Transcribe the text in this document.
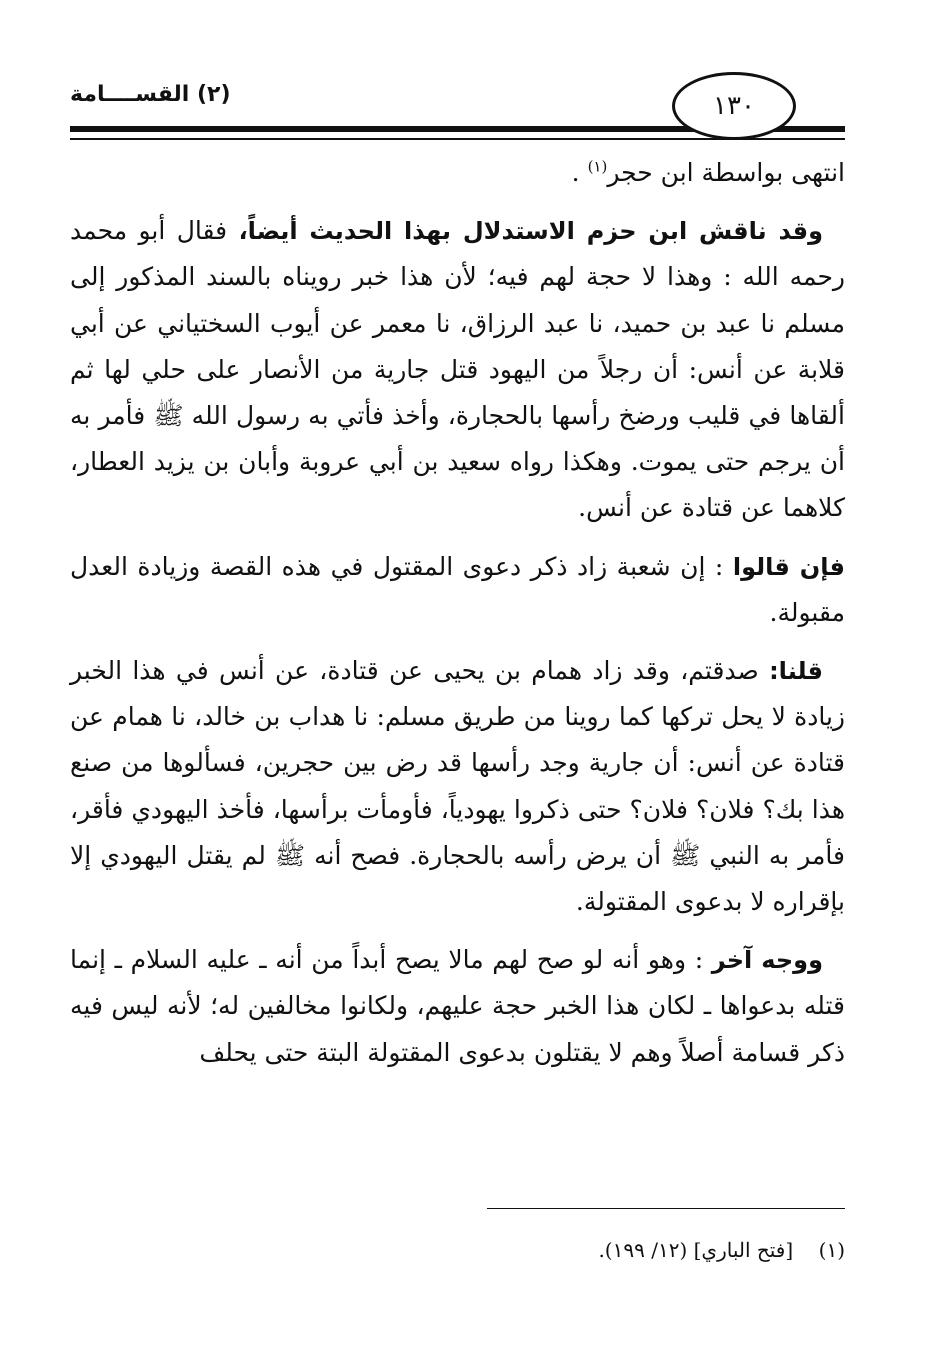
١٣٠
(٢) القســــامة

انتهى بواسطة ابن حجر$^{(١)}$ .

وقد ناقش ابن حزم الاستدلال بهذا الحديث أيضاً، فقال أبو محمد رحمه الله : وهذا لا حجة لهم فيه؛ لأن هذا خبر رويناه بالسند المذكور إلى مسلم نا عبد بن حميد، نا عبد الرزاق، نا معمر عن أيوب السختياني عن أبي قلابة عن أنس: أن رجلاً من اليهود قتل جارية من الأنصار على حلي لها ثم ألقاها في قليب ورضخ رأسها بالحجارة، وأخذ فأتي به رسول الله ﷺ فأمر به أن يرجم حتى يموت. وهكذا رواه سعيد بن أبي عروبة وأبان بن يزيد العطار، كلاهما عن قتادة عن أنس.

فإن قالوا : إن شعبة زاد ذكر دعوى المقتول في هذه القصة وزيادة العدل مقبولة.

قلنا: صدقتم، وقد زاد همام بن يحيى عن قتادة، عن أنس في هذا الخبر زيادة لا يحل تركها كما روينا من طريق مسلم: نا هداب بن خالد، نا همام عن قتادة عن أنس: أن جارية وجد رأسها قد رض بين حجرين، فسألوها من صنع هذا بك؟ فلان؟ فلان؟ حتى ذكروا يهودياً، فأومأت برأسها، فأخذ اليهودي فأقر، فأمر به النبي ﷺ أن يرض رأسه بالحجارة. فصح أنه ﷺ لم يقتل اليهودي إلا بإقراره لا بدعوى المقتولة.

ووجه آخر : وهو أنه لو صح لهم مالا يصح أبداً من أنه ـ عليه السلام ـ إنما قتله بدعواها ـ لكان هذا الخبر حجة عليهم، ولكانوا مخالفين له؛ لأنه ليس فيه ذكر قسامة أصلاً وهم لا يقتلون بدعوى المقتولة البتة حتى يحلف

(١)    [فتح الباري] (١٢/ ١٩٩).
